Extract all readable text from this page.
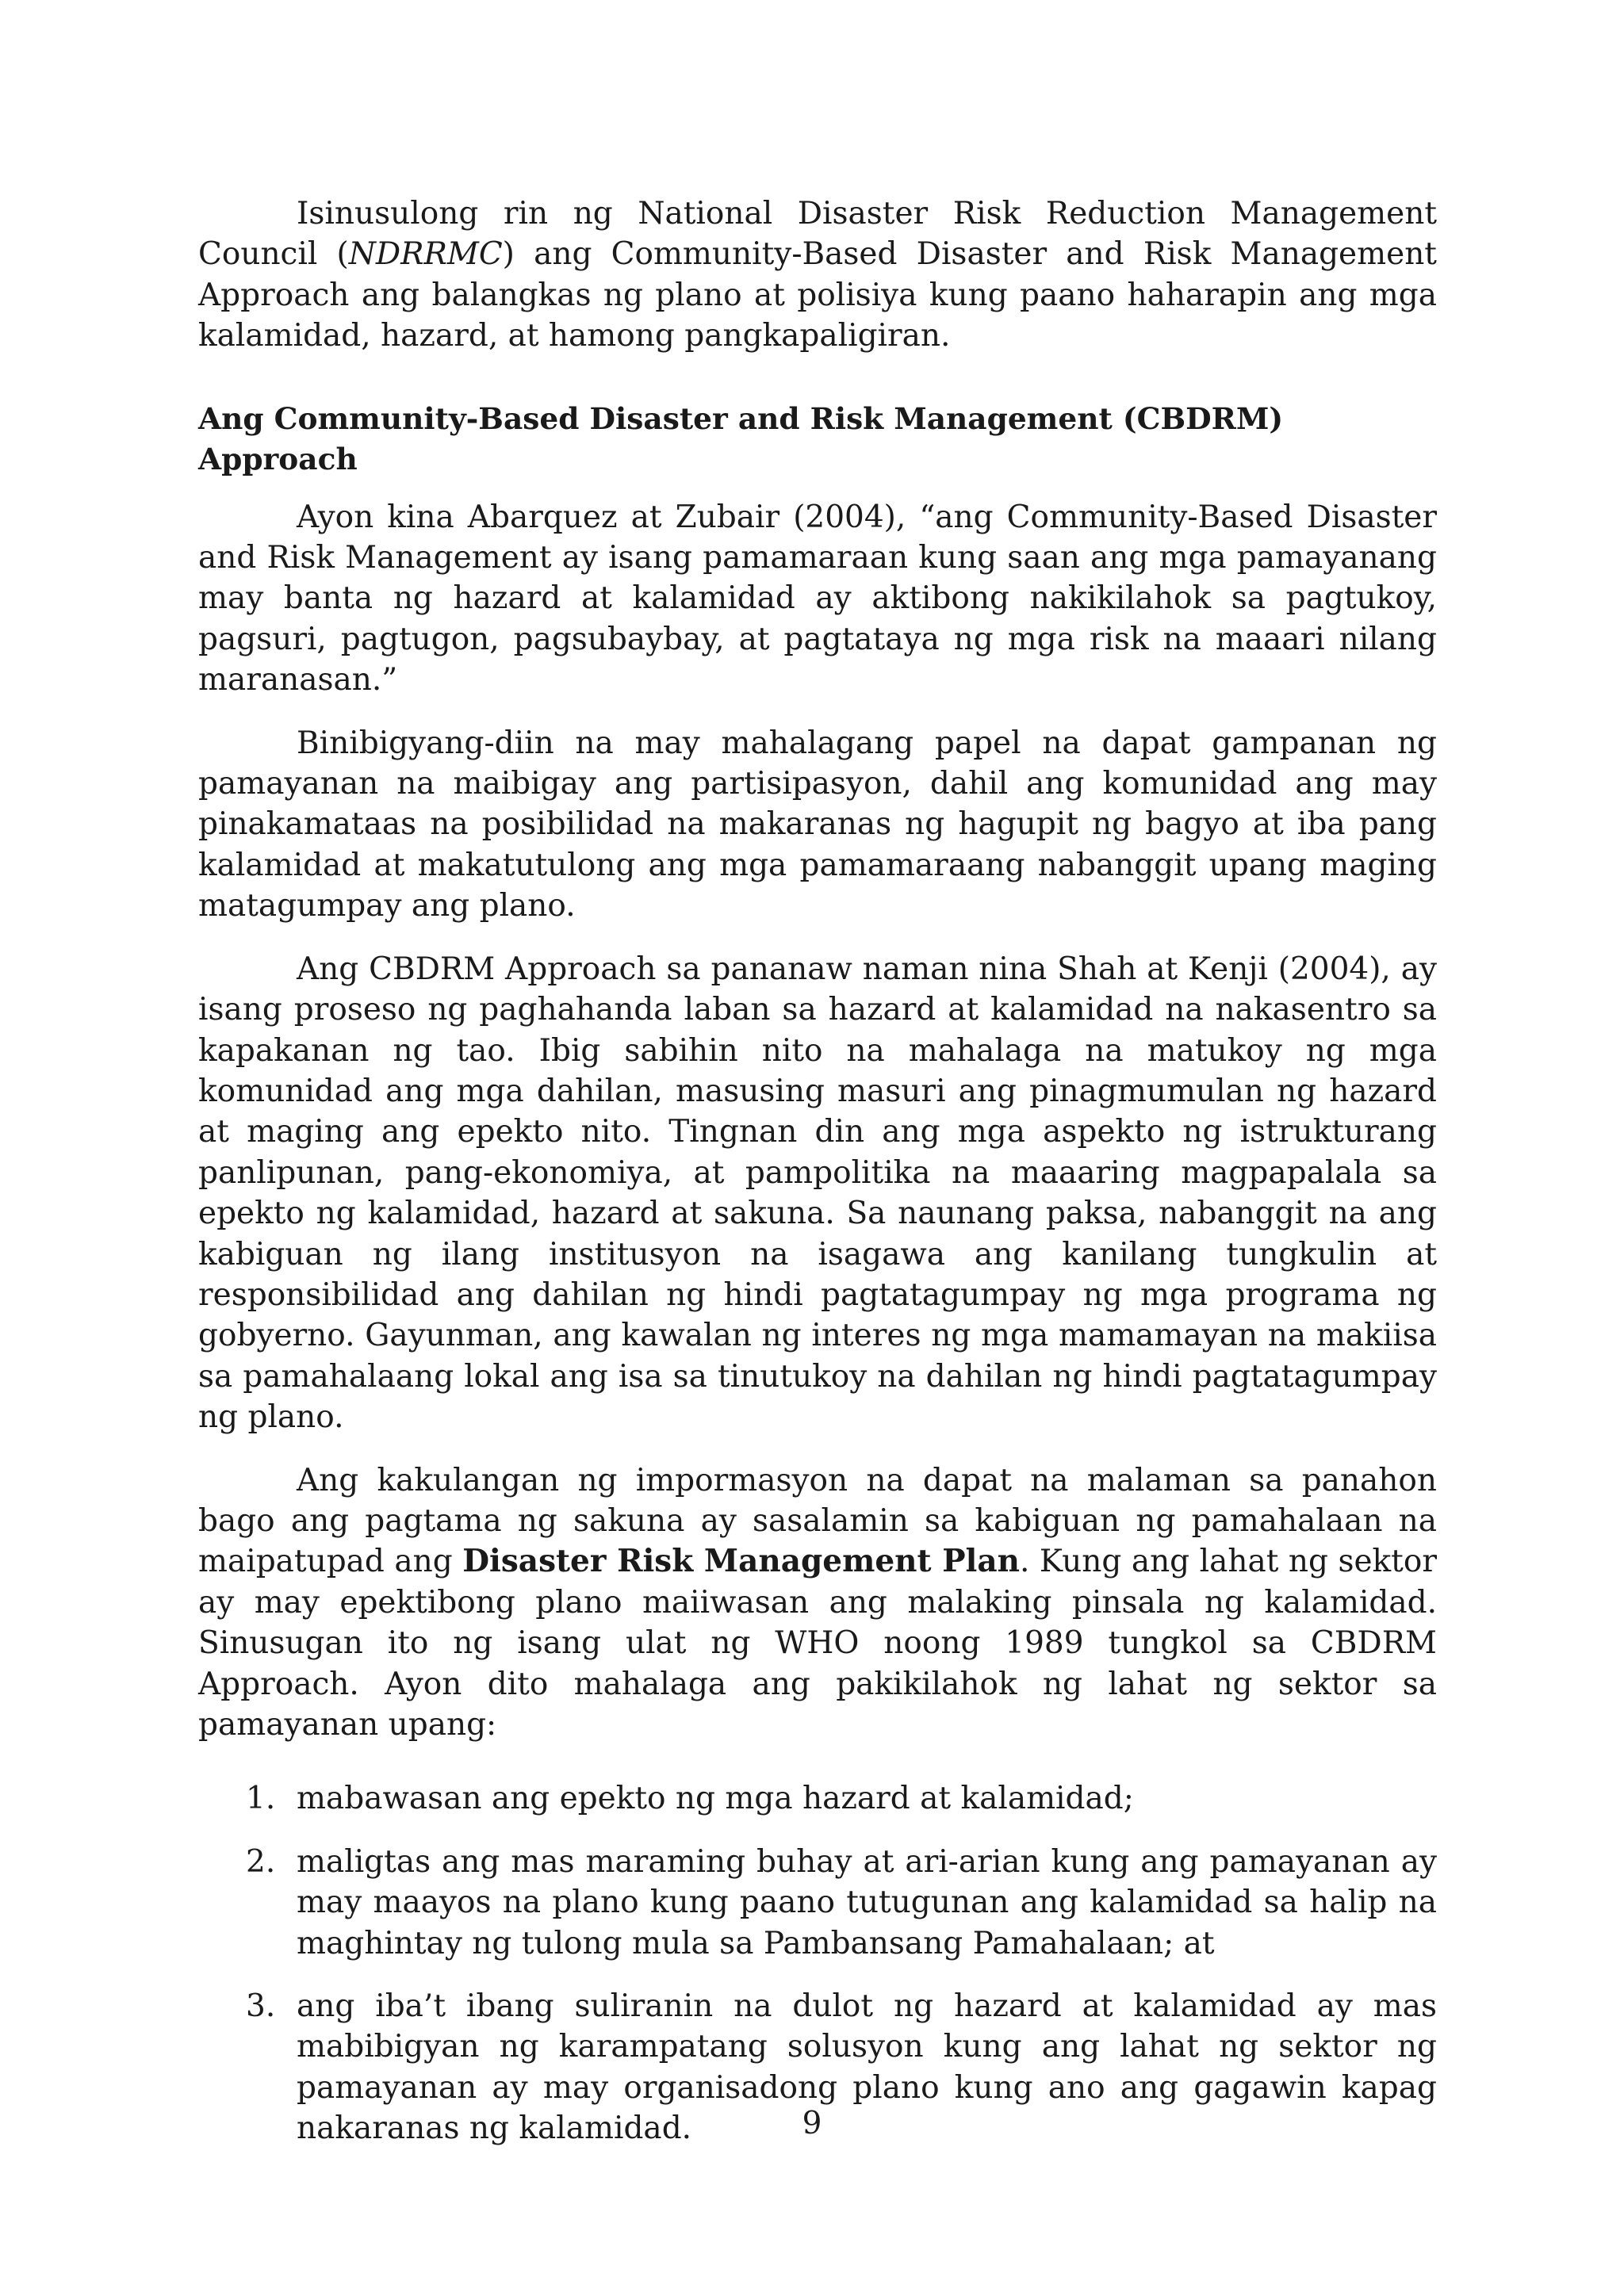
Isinusulong rin ng National Disaster Risk Reduction Management Council (NDRRMC) ang Community-Based Disaster and Risk Management Approach ang balangkas ng plano at polisiya kung paano haharapin ang mga kalamidad, hazard, at hamong pangkapaligiran.

Ang Community-Based Disaster and Risk Management (CBDRM) Approach

Ayon kina Abarquez at Zubair (2004), “ang Community-Based Disaster and Risk Management ay isang pamamaraan kung saan ang mga pamayanang may banta ng hazard at kalamidad ay aktibong nakikilahok sa pagtukoy, pagsuri, pagtugon, pagsubaybay, at pagtataya ng mga risk na maaari nilang maranasan.”

Binibigyang-diin na may mahalagang papel na dapat gampanan ng pamayanan na maibigay ang partisipasyon, dahil ang komunidad ang may pinakamataas na posibilidad na makaranas ng hagupit ng bagyo at iba pang kalamidad at makatutulong ang mga pamamaraang nabanggit upang maging matagumpay ang plano.

Ang CBDRM Approach sa pananaw naman nina Shah at Kenji (2004), ay isang proseso ng paghahanda laban sa hazard at kalamidad na nakasentro sa kapakanan ng tao. Ibig sabihin nito na mahalaga na matukoy ng mga komunidad ang mga dahilan, masusing masuri ang pinagmumulan ng hazard at maging ang epekto nito. Tingnan din ang mga aspekto ng istrukturang panlipunan, pang-ekonomiya, at pampolitika na maaaring magpapalala sa epekto ng kalamidad, hazard at sakuna. Sa naunang paksa, nabanggit na ang kabiguan ng ilang institusyon na isagawa ang kanilang tungkulin at responsibilidad ang dahilan ng hindi pagtatagumpay ng mga programa ng gobyerno. Gayunman, ang kawalan ng interes ng mga mamamayan na makiisa sa pamahalaang lokal ang isa sa tinutukoy na dahilan ng hindi pagtatagumpay ng plano.

Ang kakulangan ng impormasyon na dapat na malaman sa panahon bago ang pagtama ng sakuna ay sasalamin sa kabiguan ng pamahalaan na maipatupad ang Disaster Risk Management Plan. Kung ang lahat ng sektor ay may epektibong plano maiiwasan ang malaking pinsala ng kalamidad. Sinusugan ito ng isang ulat ng WHO noong 1989 tungkol sa CBDRM Approach. Ayon dito mahalaga ang pakikilahok ng lahat ng sektor sa pamayanan upang:

1. mabawasan ang epekto ng mga hazard at kalamidad;
2. maligtas ang mas maraming buhay at ari-arian kung ang pamayanan ay may maayos na plano kung paano tutugunan ang kalamidad sa halip na maghintay ng tulong mula sa Pambansang Pamahalaan; at
3. ang iba’t ibang suliranin na dulot ng hazard at kalamidad ay mas mabibigyan ng karampatang solusyon kung ang lahat ng sektor ng pamayanan ay may organisadong plano kung ano ang gagawin kapag nakaranas ng kalamidad.	9
